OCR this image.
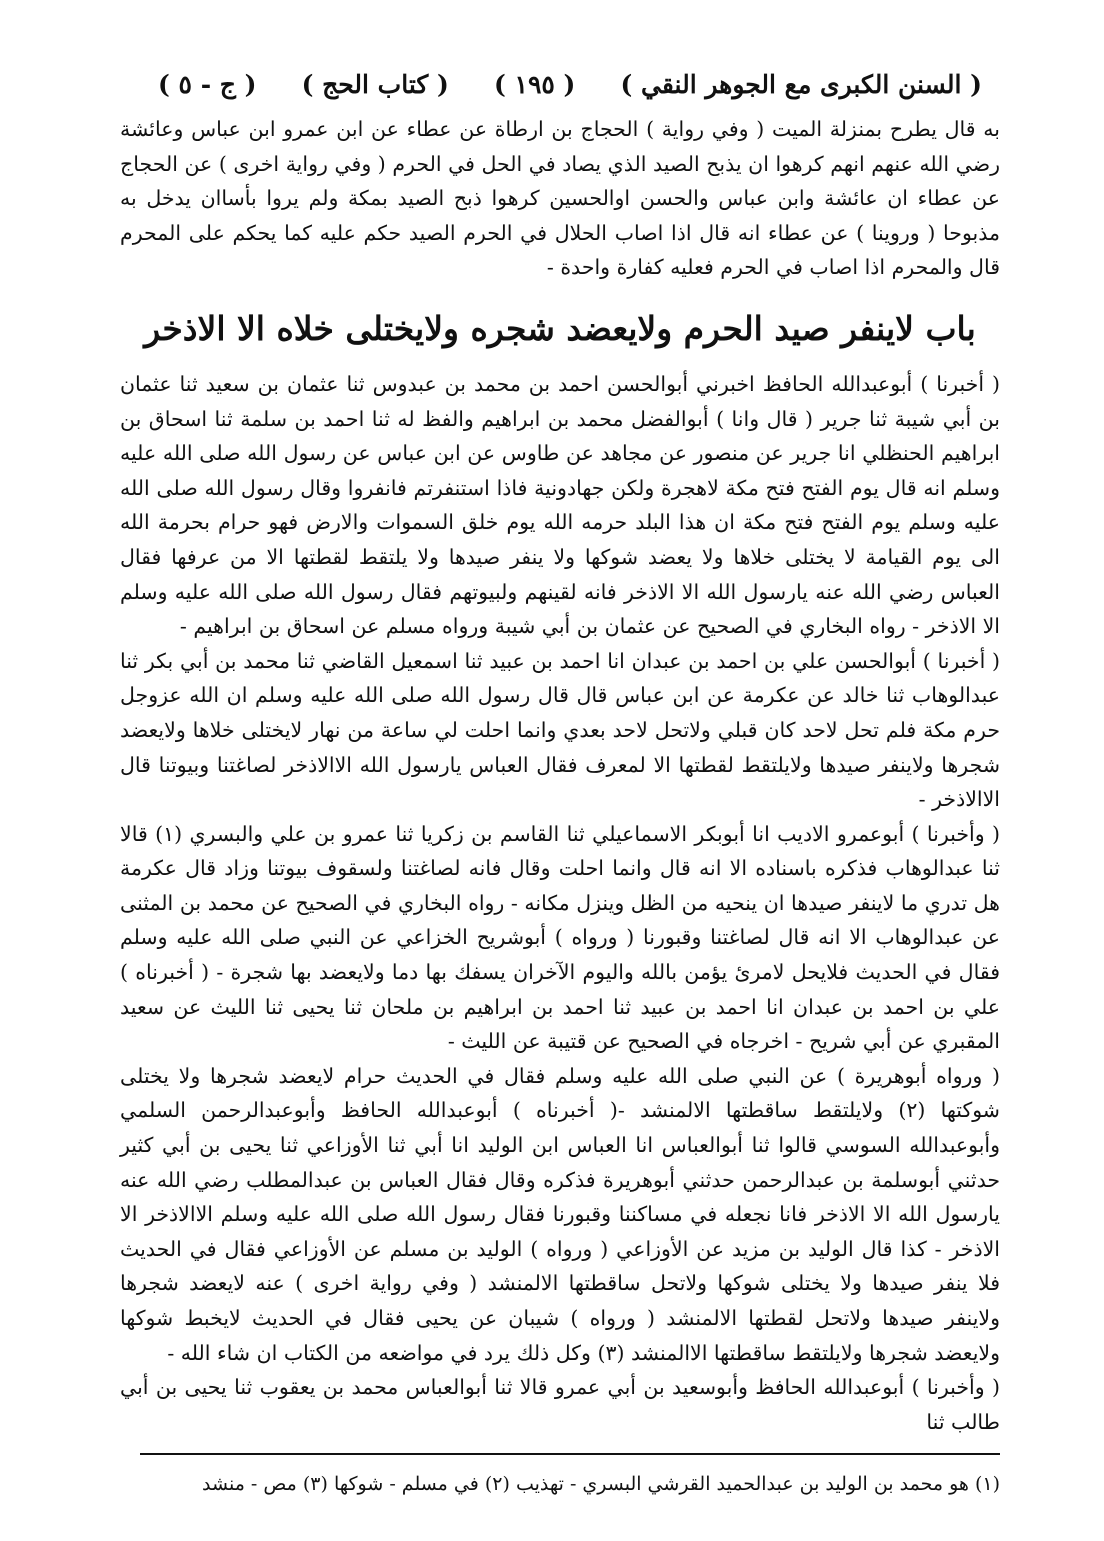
( السنن الكبرى مع الجوهر النقي )
( ١٩٥ )
( كتاب الحج )
( ج - ٥ )

به قال يطرح بمنزلة الميت ( وفي رواية ) الحجاج بن ارطاة عن عطاء عن ابن عمرو ابن عباس وعائشة رضي الله عنهم انهم كرهوا ان يذبح الصيد الذي يصاد في الحل في الحرم ( وفي رواية اخرى ) عن الحجاج عن عطاء ان عائشة وابن عباس والحسن اوالحسين كرهوا ذبح الصيد بمكة ولم يروا بأساان يدخل به مذبوحا ( وروينا ) عن عطاء انه قال اذا اصاب الحلال في الحرم الصيد حكم عليه كما يحكم على المحرم قال والمحرم اذا اصاب في الحرم فعليه كفارة واحدة -

باب لاينفر صيد الحرم ولايعضد شجره ولايختلى خلاه الا الاذخر

( أخبرنا ) أبوعبدالله الحافظ اخبرني أبوالحسن احمد بن محمد بن عبدوس ثنا عثمان بن سعيد ثنا عثمان بن أبي شيبة ثنا جرير ( قال وانا ) أبوالفضل محمد بن ابراهيم والفظ له ثنا احمد بن سلمة ثنا اسحاق بن ابراهيم الحنظلي انا جرير عن منصور عن مجاهد عن طاوس عن ابن عباس عن رسول الله صلى الله عليه وسلم انه قال يوم الفتح فتح مكة لاهجرة ولكن جهادونية فاذا استنفرتم فانفروا وقال رسول الله صلى الله عليه وسلم يوم الفتح فتح مكة ان هذا البلد حرمه الله يوم خلق السموات والارض فهو حرام بحرمة الله الى يوم القيامة لا يختلى خلاها ولا يعضد شوكها ولا ينفر صيدها ولا يلتقط لقطتها الا من عرفها فقال العباس رضي الله عنه يارسول الله الا الاذخر فانه لقينهم ولبيوتهم فقال رسول الله صلى الله عليه وسلم الا الاذخر - رواه البخاري في الصحيح عن عثمان بن أبي شيبة ورواه مسلم عن اسحاق بن ابراهيم -

( أخبرنا ) أبوالحسن علي بن احمد بن عبدان انا احمد بن عبيد ثنا اسمعيل القاضي ثنا محمد بن أبي بكر ثنا عبدالوهاب ثنا خالد عن عكرمة عن ابن عباس قال قال رسول الله صلى الله عليه وسلم ان الله عزوجل حرم مكة فلم تحل لاحد كان قبلي ولاتحل لاحد بعدي وانما احلت لي ساعة من نهار لايختلى خلاها ولايعضد شجرها ولاينفر صيدها ولايلتقط لقطتها الا لمعرف فقال العباس يارسول الله الاالاذخر لصاغتنا وبيوتنا قال الاالاذخر -

( وأخبرنا ) أبوعمرو الاديب انا أبوبكر الاسماعيلي ثنا القاسم بن زكريا ثنا عمرو بن علي والبسري (١) قالا ثنا عبدالوهاب فذكره باسناده الا انه قال وانما احلت وقال فانه لصاغتنا ولسقوف بيوتنا وزاد قال عكرمة هل تدري ما لاينفر صيدها ان ينحيه من الظل وينزل مكانه - رواه البخاري في الصحيح عن محمد بن المثنى عن عبدالوهاب الا انه قال لصاغتنا وقبورنا ( ورواه ) أبوشريح الخزاعي عن النبي صلى الله عليه وسلم فقال في الحديث فلايحل لامرئ يؤمن بالله واليوم الآخران يسفك بها دما ولايعضد بها شجرة - ( أخبرناه ) علي بن احمد بن عبدان انا احمد بن عبيد ثنا احمد بن ابراهيم بن ملحان ثنا يحيى ثنا الليث عن سعيد المقبري عن أبي شريح - اخرجاه في الصحيح عن قتيبة عن الليث -

( ورواه أبوهريرة ) عن النبي صلى الله عليه وسلم فقال في الحديث حرام لايعضد شجرها ولا يختلى شوكتها (٢) ولايلتقط ساقطتها الالمنشد -( أخبرناه ) أبوعبدالله الحافظ وأبوعبدالرحمن السلمي وأبوعبدالله السوسي قالوا ثنا أبوالعباس انا العباس ابن الوليد انا أبي ثنا الأوزاعي ثنا يحيى بن أبي كثير حدثني أبوسلمة بن عبدالرحمن حدثني أبوهريرة فذكره وقال فقال العباس بن عبدالمطلب رضي الله عنه يارسول الله الا الاذخر فانا نجعله في مساكننا وقبورنا فقال رسول الله صلى الله عليه وسلم الاالاذخر الا الاذخر - كذا قال الوليد بن مزيد عن الأوزاعي ( ورواه ) الوليد بن مسلم عن الأوزاعي فقال في الحديث فلا ينفر صيدها ولا يختلى شوكها ولاتحل ساقطتها الالمنشد ( وفي رواية اخرى ) عنه لايعضد شجرها ولاينفر صيدها ولاتحل لقطتها الالمنشد ( ورواه ) شيبان عن يحيى فقال في الحديث لايخبط شوكها ولايعضد شجرها ولايلتقط ساقطتها الاالمنشد (٣) وكل ذلك يرد في مواضعه من الكتاب ان شاء الله -

( وأخبرنا ) أبوعبدالله الحافظ وأبوسعيد بن أبي عمرو قالا ثنا أبوالعباس محمد بن يعقوب ثنا يحيى بن أبي طالب ثنا

(١) هو محمد بن الوليد بن عبدالحميد القرشي البسري - تهذيب (٢) في مسلم - شوكها (٣) مص - منشد
